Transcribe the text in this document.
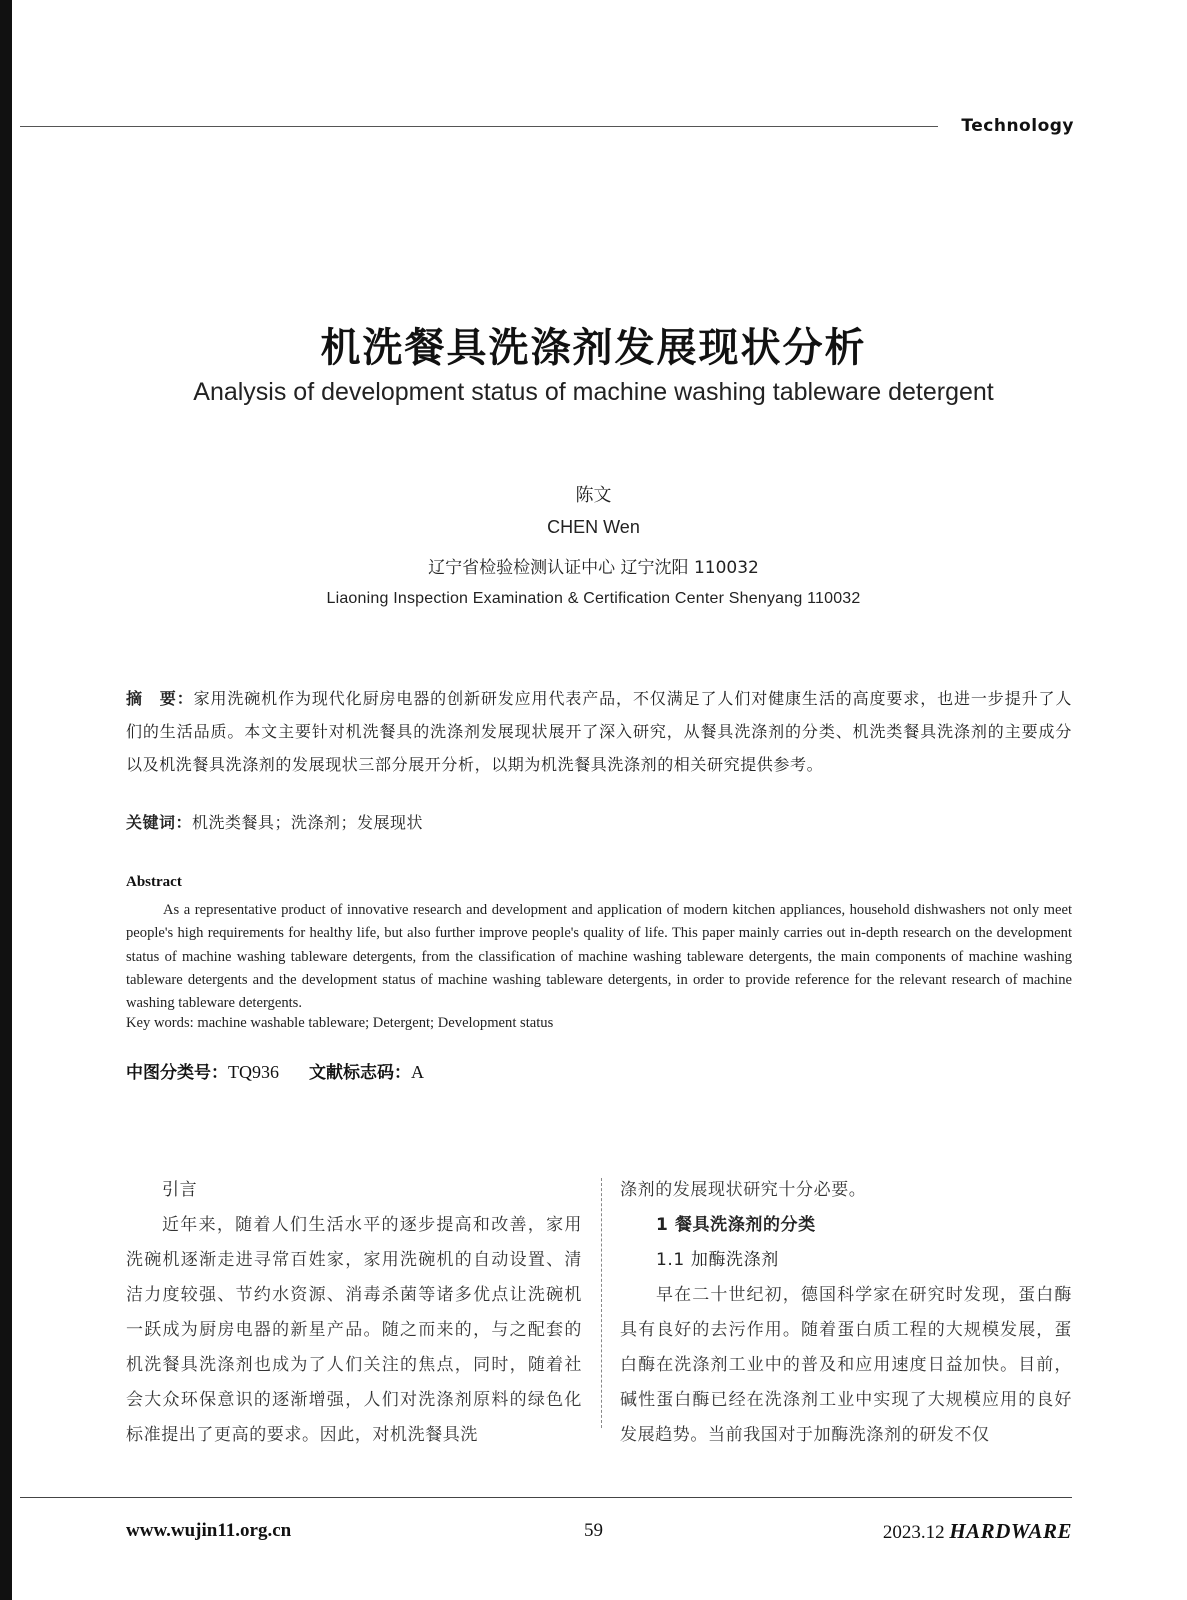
Technology
机洗餐具洗涤剂发展现状分析
Analysis of development status of machine washing tableware detergent
陈文
CHEN Wen
辽宁省检验检测认证中心 辽宁沈阳 110032
Liaoning Inspection Examination & Certification Center Shenyang 110032
摘　要：家用洗碗机作为现代化厨房电器的创新研发应用代表产品，不仅满足了人们对健康生活的高度要求，也进一步提升了人们的生活品质。本文主要针对机洗餐具的洗涤剂发展现状展开了深入研究，从餐具洗涤剂的分类、机洗类餐具洗涤剂的主要成分以及机洗餐具洗涤剂的发展现状三部分展开分析，以期为机洗餐具洗涤剂的相关研究提供参考。
关键词：机洗类餐具；洗涤剂；发展现状
Abstract
As a representative product of innovative research and development and application of modern kitchen appliances, household dishwashers not only meet people's high requirements for healthy life, but also further improve people's quality of life. This paper mainly carries out in-depth research on the development status of machine washing tableware detergents, from the classification of machine washing tableware detergents, the main components of machine washing tableware detergents and the development status of machine washing tableware detergents, in order to provide reference for the relevant research of machine washing tableware detergents.
Key words: machine washable tableware; Detergent; Development status
中图分类号：TQ936 文献标志码：A

引言

近年来，随着人们生活水平的逐步提高和改善，家用洗碗机逐渐走进寻常百姓家，家用洗碗机的自动设置、清洁力度较强、节约水资源、消毒杀菌等诸多优点让洗碗机一跃成为厨房电器的新星产品。随之而来的，与之配套的机洗餐具洗涤剂也成为了人们关注的焦点，同时，随着社会大众环保意识的逐渐增强，人们对洗涤剂原料的绿色化标准提出了更高的要求。因此，对机洗餐具洗

涤剂的发展现状研究十分必要。

1 餐具洗涤剂的分类

1.1 加酶洗涤剂

早在二十世纪初，德国科学家在研究时发现，蛋白酶具有良好的去污作用。随着蛋白质工程的大规模发展，蛋白酶在洗涤剂工业中的普及和应用速度日益加快。目前，碱性蛋白酶已经在洗涤剂工业中实现了大规模应用的良好发展趋势。当前我国对于加酶洗涤剂的研发不仅

www.wujin11.org.cn	59	2023.12 HARDWARE
